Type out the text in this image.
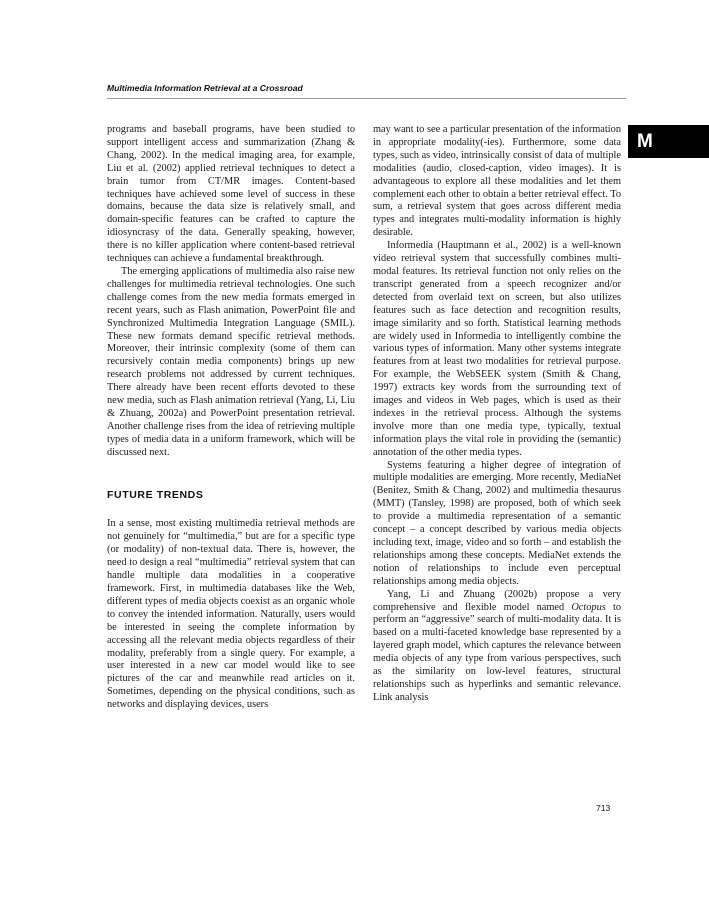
Multimedia Information Retrieval at a Crossroad
M

programs and baseball programs, have been studied to support intelligent access and summarization (Zhang & Chang, 2002). In the medical imaging area, for example, Liu et al. (2002) applied retrieval techniques to detect a brain tumor from CT/MR images. Content-based techniques have achieved some level of success in these domains, because the data size is relatively small, and domain-specific features can be crafted to capture the idiosyncrasy of the data. Generally speaking, however, there is no killer application where content-based retrieval techniques can achieve a fundamental breakthrough.

The emerging applications of multimedia also raise new challenges for multimedia retrieval technologies. One such challenge comes from the new media formats emerged in recent years, such as Flash animation, PowerPoint file and Synchronized Multimedia Integration Language (SMIL). These new formats demand specific retrieval methods. Moreover, their intrinsic complexity (some of them can recursively contain media components) brings up new research problems not addressed by current techniques. There already have been recent efforts devoted to these new media, such as Flash animation retrieval (Yang, Li, Liu & Zhuang, 2002a) and PowerPoint presentation retrieval. Another challenge rises from the idea of retrieving multiple types of media data in a uniform framework, which will be discussed next.

FUTURE TRENDS

In a sense, most existing multimedia retrieval methods are not genuinely for “multimedia,” but are for a specific type (or modality) of non-textual data. There is, however, the need to design a real “multimedia” retrieval system that can handle multiple data modalities in a cooperative framework. First, in multimedia databases like the Web, different types of media objects coexist as an organic whole to convey the intended information. Naturally, users would be interested in seeing the complete information by accessing all the relevant media objects regardless of their modality, preferably from a single query. For example, a user interested in a new car model would like to see pictures of the car and meanwhile read articles on it. Sometimes, depending on the physical conditions, such as networks and displaying devices, users

may want to see a particular presentation of the information in appropriate modality(-ies). Furthermore, some data types, such as video, intrinsically consist of data of multiple modalities (audio, closed-caption, video images). It is advantageous to explore all these modalities and let them complement each other to obtain a better retrieval effect. To sum, a retrieval system that goes across different media types and integrates multi-modality information is highly desirable.

Informedia (Hauptmann et al., 2002) is a well-known video retrieval system that successfully combines multi-modal features. Its retrieval function not only relies on the transcript generated from a speech recognizer and/or detected from overlaid text on screen, but also utilizes features such as face detection and recognition results, image similarity and so forth. Statistical learning methods are widely used in Informedia to intelligently combine the various types of information. Many other systems integrate features from at least two modalities for retrieval purpose. For example, the WebSEEK system (Smith & Chang, 1997) extracts key words from the surrounding text of images and videos in Web pages, which is used as their indexes in the retrieval process. Although the systems involve more than one media type, typically, textual information plays the vital role in providing the (semantic) annotation of the other media types.

Systems featuring a higher degree of integration of multiple modalities are emerging. More recently, MediaNet (Benitez, Smith & Chang, 2002) and multimedia thesaurus (MMT) (Tansley, 1998) are proposed, both of which seek to provide a multimedia representation of a semantic concept – a concept described by various media objects including text, image, video and so forth – and establish the relationships among these concepts. MediaNet extends the notion of relationships to include even perceptual relationships among media objects.

Yang, Li and Zhuang (2002b) propose a very comprehensive and flexible model named Octopus to perform an “aggressive” search of multi-modality data. It is based on a multi-faceted knowledge base represented by a layered graph model, which captures the relevance between media objects of any type from various perspectives, such as the similarity on low-level features, structural relationships such as hyperlinks and semantic relevance. Link analysis

713
